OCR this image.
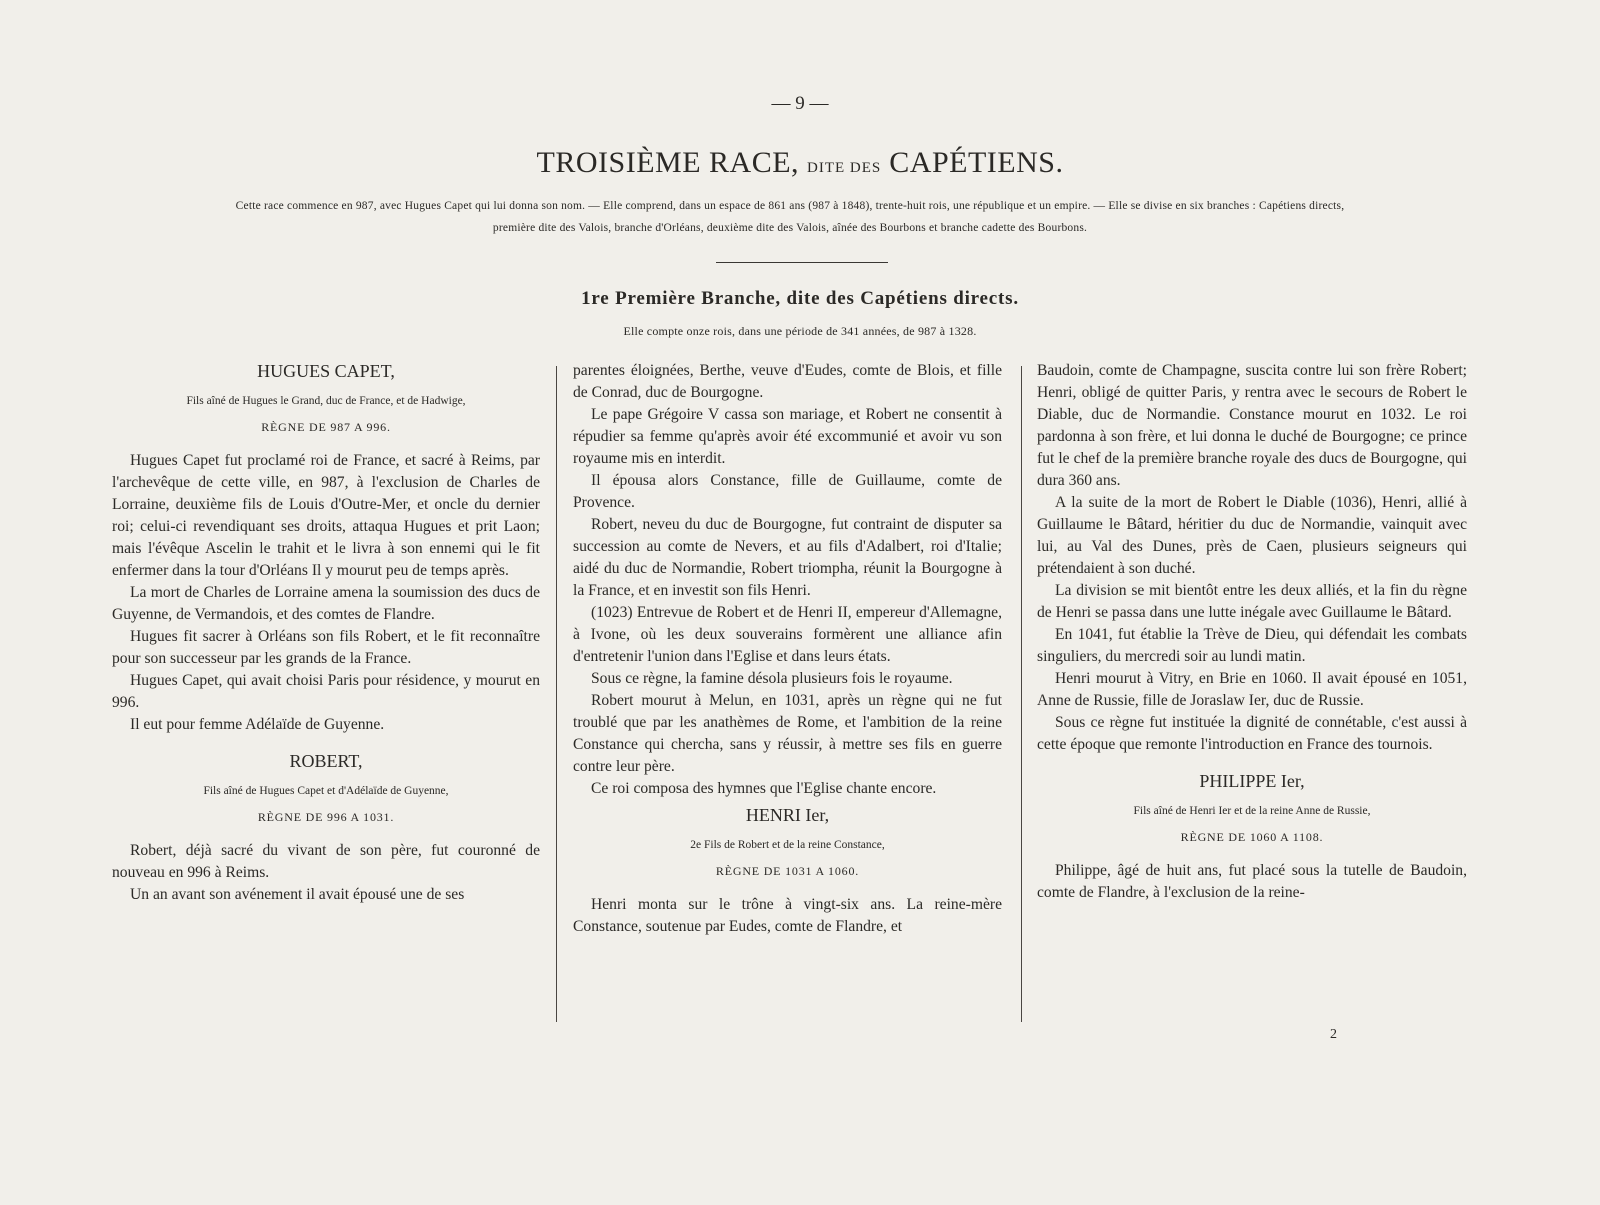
— 9 —
TROISIÈME RACE, DITE DES CAPÉTIENS.
Cette race commence en 987, avec Hugues Capet qui lui donna son nom. — Elle comprend, dans un espace de 861 ans (987 à 1848), trente-huit rois, une république et un empire. — Elle se divise en six branches : Capétiens directs,
première dite des Valois, branche d'Orléans, deuxième dite des Valois, aînée des Bourbons et branche cadette des Bourbons.
1re Première Branche, dite des Capétiens directs.
Elle compte onze rois, dans une période de 341 années, de 987 à 1328.
HUGUES CAPET,
Fils aîné de Hugues le Grand, duc de France, et de Hadwige,
RÈGNE DE 987 A 996.

Hugues Capet fut proclamé roi de France, et sacré à Reims, par l'archevêque de cette ville, en 987, à l'exclusion de Charles de Lorraine, deuxième fils de Louis d'Outre-Mer, et oncle du dernier roi; celui-ci revendiquant ses droits, attaqua Hugues et prit Laon; mais l'évêque Ascelin le trahit et le livra à son ennemi qui le fit enfermer dans la tour d'Orléans Il y mourut peu de temps après.

La mort de Charles de Lorraine amena la soumission des ducs de Guyenne, de Vermandois, et des comtes de Flandre.

Hugues fit sacrer à Orléans son fils Robert, et le fit reconnaître pour son successeur par les grands de la France.

Hugues Capet, qui avait choisi Paris pour résidence, y mourut en 996.

Il eut pour femme Adélaïde de Guyenne.

ROBERT,
Fils aîné de Hugues Capet et d'Adélaïde de Guyenne,
RÈGNE DE 996 A 1031.

Robert, déjà sacré du vivant de son père, fut couronné de nouveau en 996 à Reims.

Un an avant son avénement il avait épousé une de ses

parentes éloignées, Berthe, veuve d'Eudes, comte de Blois, et fille de Conrad, duc de Bourgogne.

Le pape Grégoire V cassa son mariage, et Robert ne consentit à répudier sa femme qu'après avoir été excommunié et avoir vu son royaume mis en interdit.

Il épousa alors Constance, fille de Guillaume, comte de Provence.

Robert, neveu du duc de Bourgogne, fut contraint de disputer sa succession au comte de Nevers, et au fils d'Adalbert, roi d'Italie; aidé du duc de Normandie, Robert triompha, réunit la Bourgogne à la France, et en investit son fils Henri.

(1023) Entrevue de Robert et de Henri II, empereur d'Allemagne, à Ivone, où les deux souverains formèrent une alliance afin d'entretenir l'union dans l'Eglise et dans leurs états.

Sous ce règne, la famine désola plusieurs fois le royaume.

Robert mourut à Melun, en 1031, après un règne qui ne fut troublé que par les anathèmes de Rome, et l'ambition de la reine Constance qui chercha, sans y réussir, à mettre ses fils en guerre contre leur père.

Ce roi composa des hymnes que l'Eglise chante encore.

HENRI Ier,
2e Fils de Robert et de la reine Constance,
RÈGNE DE 1031 A 1060.

Henri monta sur le trône à vingt-six ans. La reine-mère Constance, soutenue par Eudes, comte de Flandre, et

Baudoin, comte de Champagne, suscita contre lui son frère Robert; Henri, obligé de quitter Paris, y rentra avec le secours de Robert le Diable, duc de Normandie. Constance mourut en 1032. Le roi pardonna à son frère, et lui donna le duché de Bourgogne; ce prince fut le chef de la première branche royale des ducs de Bourgogne, qui dura 360 ans.

A la suite de la mort de Robert le Diable (1036), Henri, allié à Guillaume le Bâtard, héritier du duc de Normandie, vainquit avec lui, au Val des Dunes, près de Caen, plusieurs seigneurs qui prétendaient à son duché.

La division se mit bientôt entre les deux alliés, et la fin du règne de Henri se passa dans une lutte inégale avec Guillaume le Bâtard.

En 1041, fut établie la Trève de Dieu, qui défendait les combats singuliers, du mercredi soir au lundi matin.

Henri mourut à Vitry, en Brie en 1060. Il avait épousé en 1051, Anne de Russie, fille de Joraslaw Ier, duc de Russie.

Sous ce règne fut instituée la dignité de connétable, c'est aussi à cette époque que remonte l'introduction en France des tournois.

PHILIPPE Ier,
Fils aîné de Henri Ier et de la reine Anne de Russie,
RÈGNE DE 1060 A 1108.

Philippe, âgé de huit ans, fut placé sous la tutelle de Baudoin, comte de Flandre, à l'exclusion de la reine-

2
